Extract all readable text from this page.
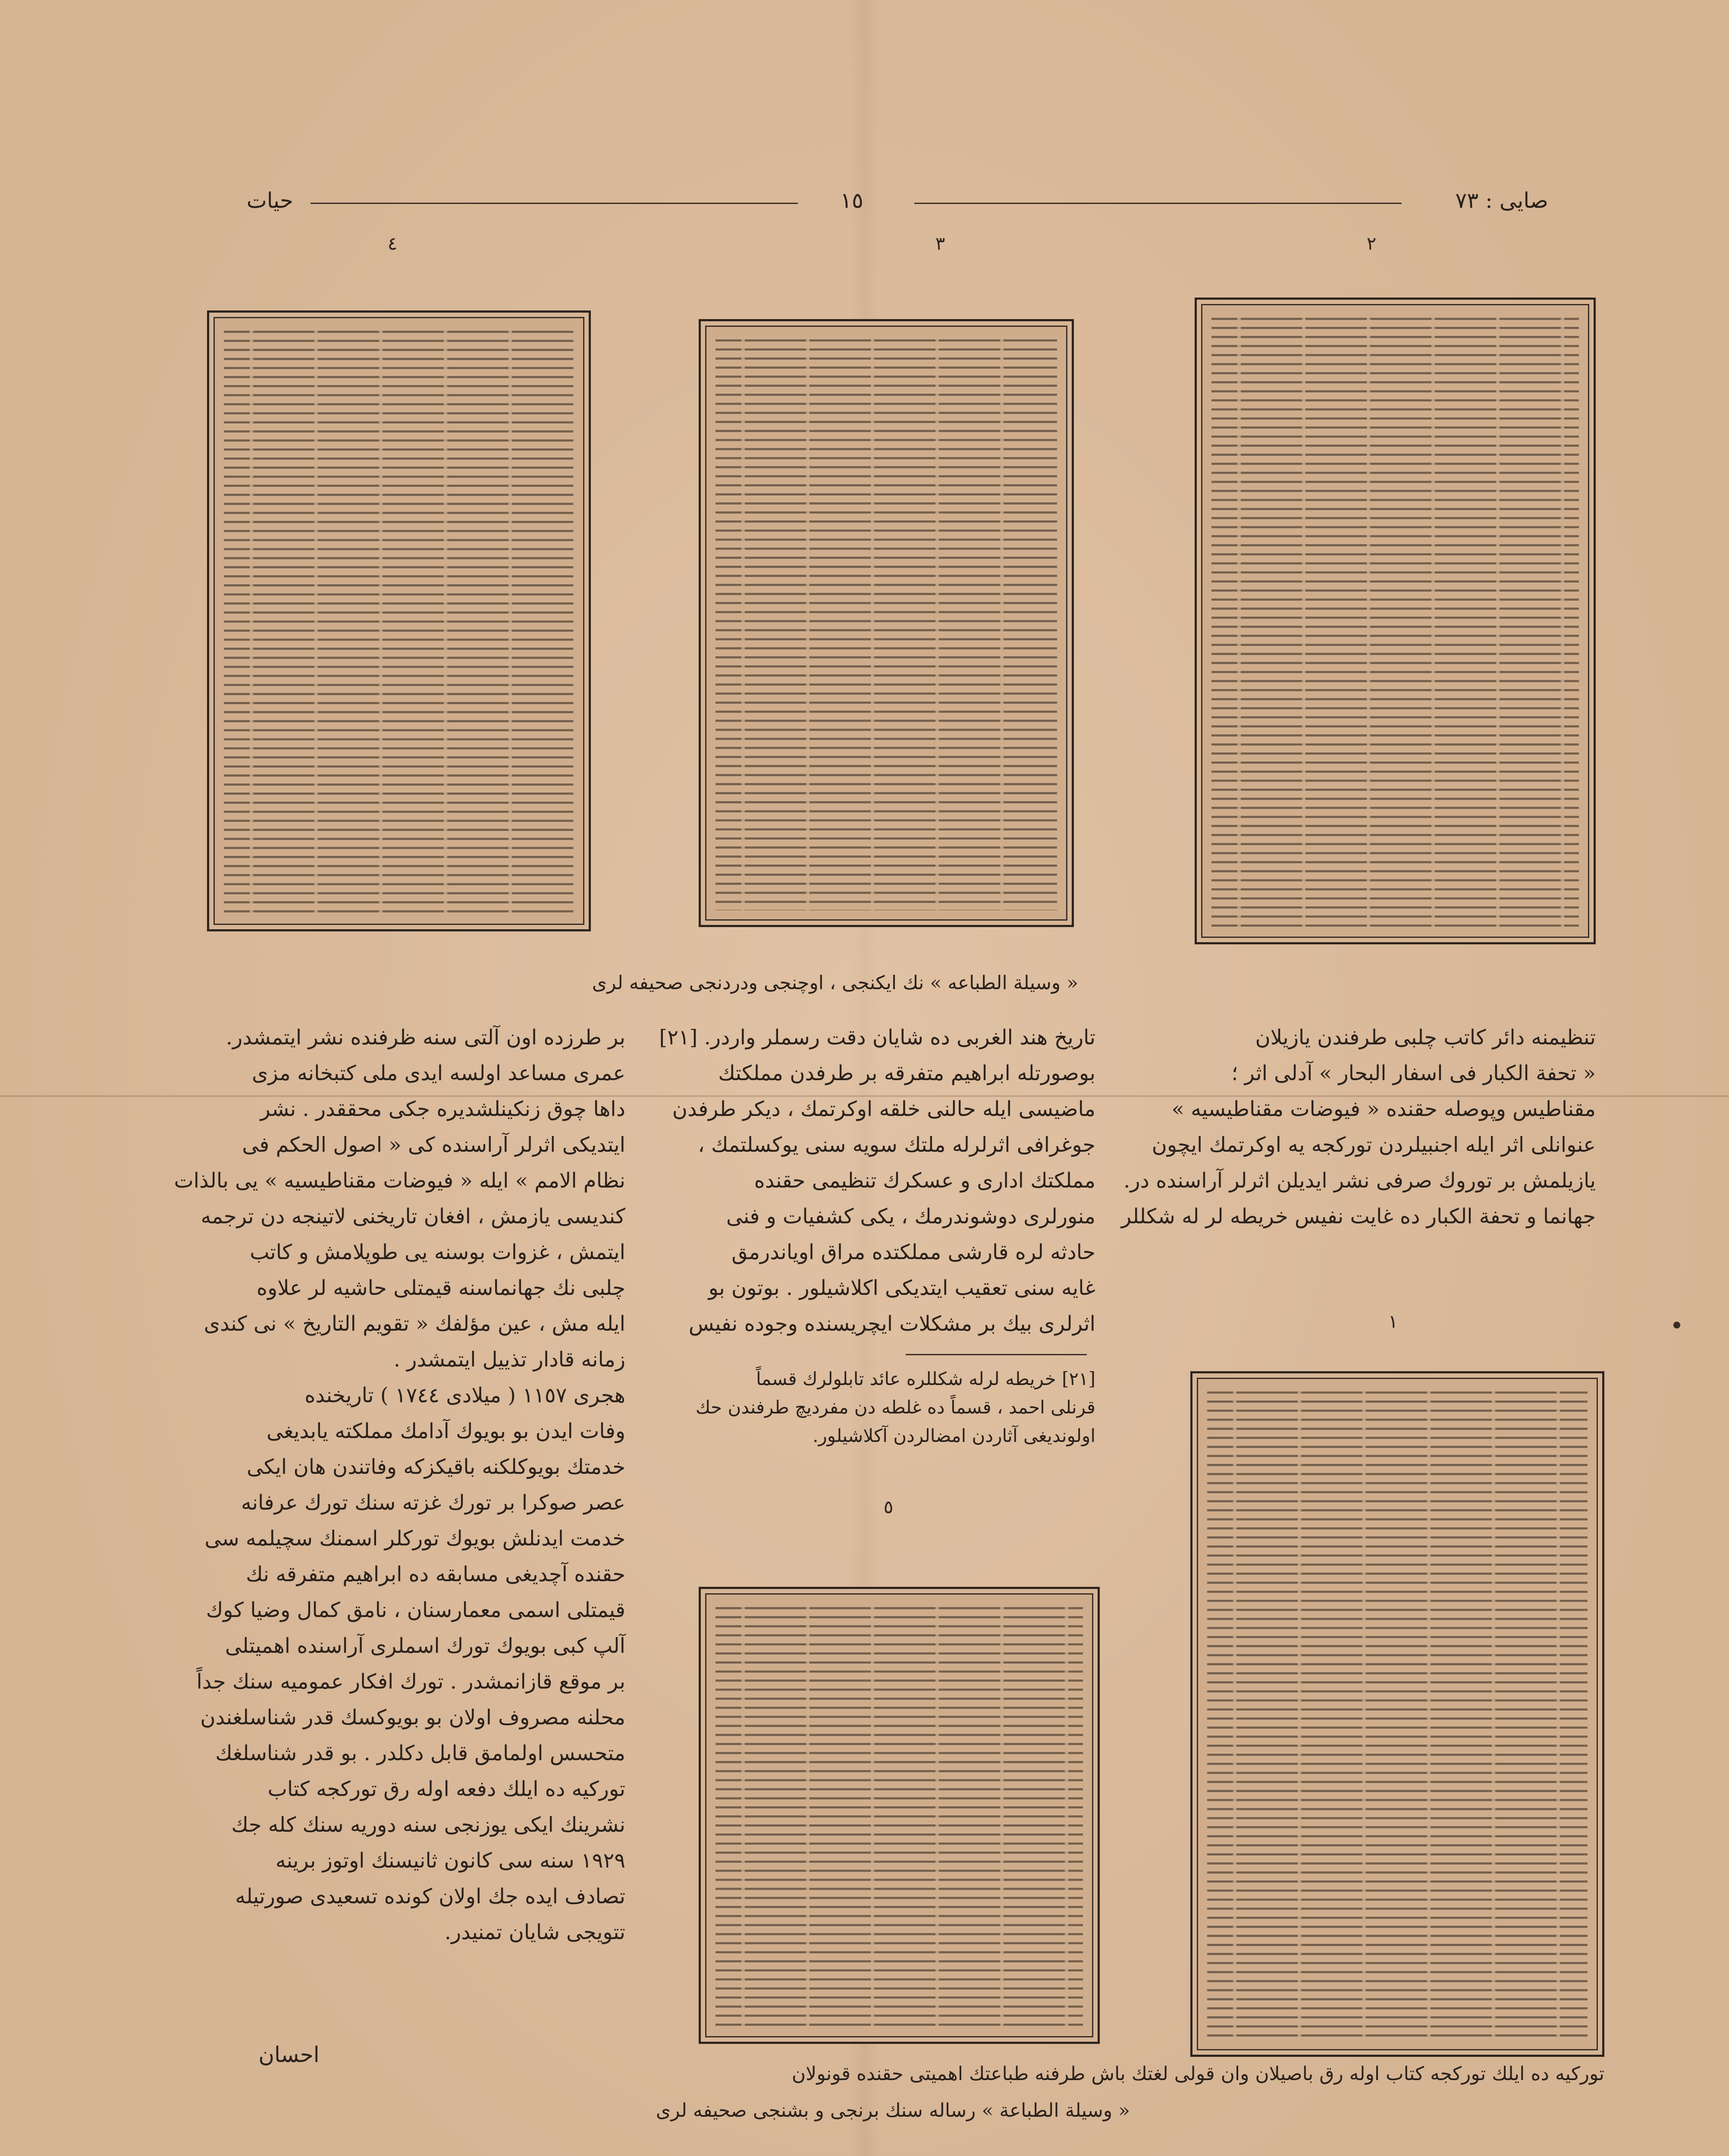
حيات	١٥	صايى : ٧٣
٤	٣	٢
« وسيلة الطباعه » نك ايكنجى ، اوچنجى ودردنجى صحيفه لرى

تنظيمنه دائر كاتب چلبى طرفندن يازيلان

« تحفة الكبار فى اسفار البحار » آدلى اثر ؛

مقناطيس وپوصله حقنده « فيوضات مقناطيسيه »

عنوانلى اثر ايله اجنبيلردن توركجه يه اوكرتمك ايچون

يازيلمش بر توروك صرفى نشر ايديلن اثرلر آراسنده در.

جهانما و تحفة الكبار ده غايت نفيس خريطه لر له شكللر

١

تاريخ هند الغربى ده شايان دقت رسملر واردر. [٢١]

بوصورتله ابراهيم متفرقه بر طرفدن مملكتك

ماضيسى ايله حالنى خلقه اوكرتمك ، ديكر طرفدن

جوغرافى اثرلرله ملتك سويه سنى يوكسلتمك ،

مملكتك ادارى و عسكرك تنظيمى حقنده

منورلرى دوشوندرمك ، يكى كشفيات و فنى

حادثه لره قارشى مملكتده مراق اوياندرمق

غايه سنى تعقيب ايتديكى اكلاشيلور . بوتون بو

اثرلرى بيك بر مشكلات ايچريسنده وجوده نفيس

[٢١] خريطه لرله شكللره عائد تابلولرك قسماً

قرنلى احمد ، قسماً ده غلطه دن مفرديچ طرفندن حك

اولونديغى آثاردن امضالردن آكلاشيلور.

٥

بر طرزده اون آلتى سنه ظرفنده نشر ايتمشدر.

عمرى مساعد اولسه ايدى ملى كتبخانه مزى

داها چوق زنكينلشديره جكى محققدر . نشر

ايتديكى اثرلر آراسنده كى « اصول الحكم فى

نظام الامم » ايله « فيوضات مقناطيسيه » يى بالذات

كنديسى يازمش ، افغان تاريخنى لاتينجه دن ترجمه

ايتمش ، غزوات بوسنه يى طوپلامش و كاتب

چلبى نك جهانماسنه قيمتلى حاشيه لر علاوه

ايله مش ، عين مؤلفك « تقويم التاريخ » نى كندى

زمانه قادار تذييل ايتمشدر .

هجرى ١١٥٧ ( ميلادى ١٧٤٤ ) تاريخنده

وفات ايدن بو بويوك آدامك مملكته يابديغى

خدمتك بويوكلكنه باقيكزكه وفاتندن هان ايكى

عصر صوكرا بر تورك غزته سنك تورك عرفانه

خدمت ايدنلش بويوك توركلر اسمنك سچيلمه سى

حقنده آچديغى مسابقه ده ابراهيم متفرقه نك

قيمتلى اسمى معمارسنان ، نامق كمال وضيا كوك

آلپ كبى بويوك تورك اسملرى آراسنده اهميتلى

بر موقع قازانمشدر . تورك افكار عموميه سنك جداً

محلنه مصروف اولان بو بويوكسك قدر شناسلغندن

متحسس اولمامق قابل دكلدر . بو قدر شناسلغك

توركيه ده ايلك دفعه اوله رق توركجه كتاب

نشرينك ايكى يوزنجى سنه دوريه سنك كله جك

١٩٢٩ سنه سى كانون ثانيسنك اوتوز برينه

تصادف ايده جك اولان كونده تسعيدى صورتيله

تتويجى شايان تمنيدر.

احسان
توركيه ده ايلك توركجه كتاب اوله رق باصيلان وان قولى لغتك باش طرفنه طباعتك اهميتى حقنده قونولان
« وسيلة الطباعة » رساله سنك برنجى و بشنجى صحيفه لرى
